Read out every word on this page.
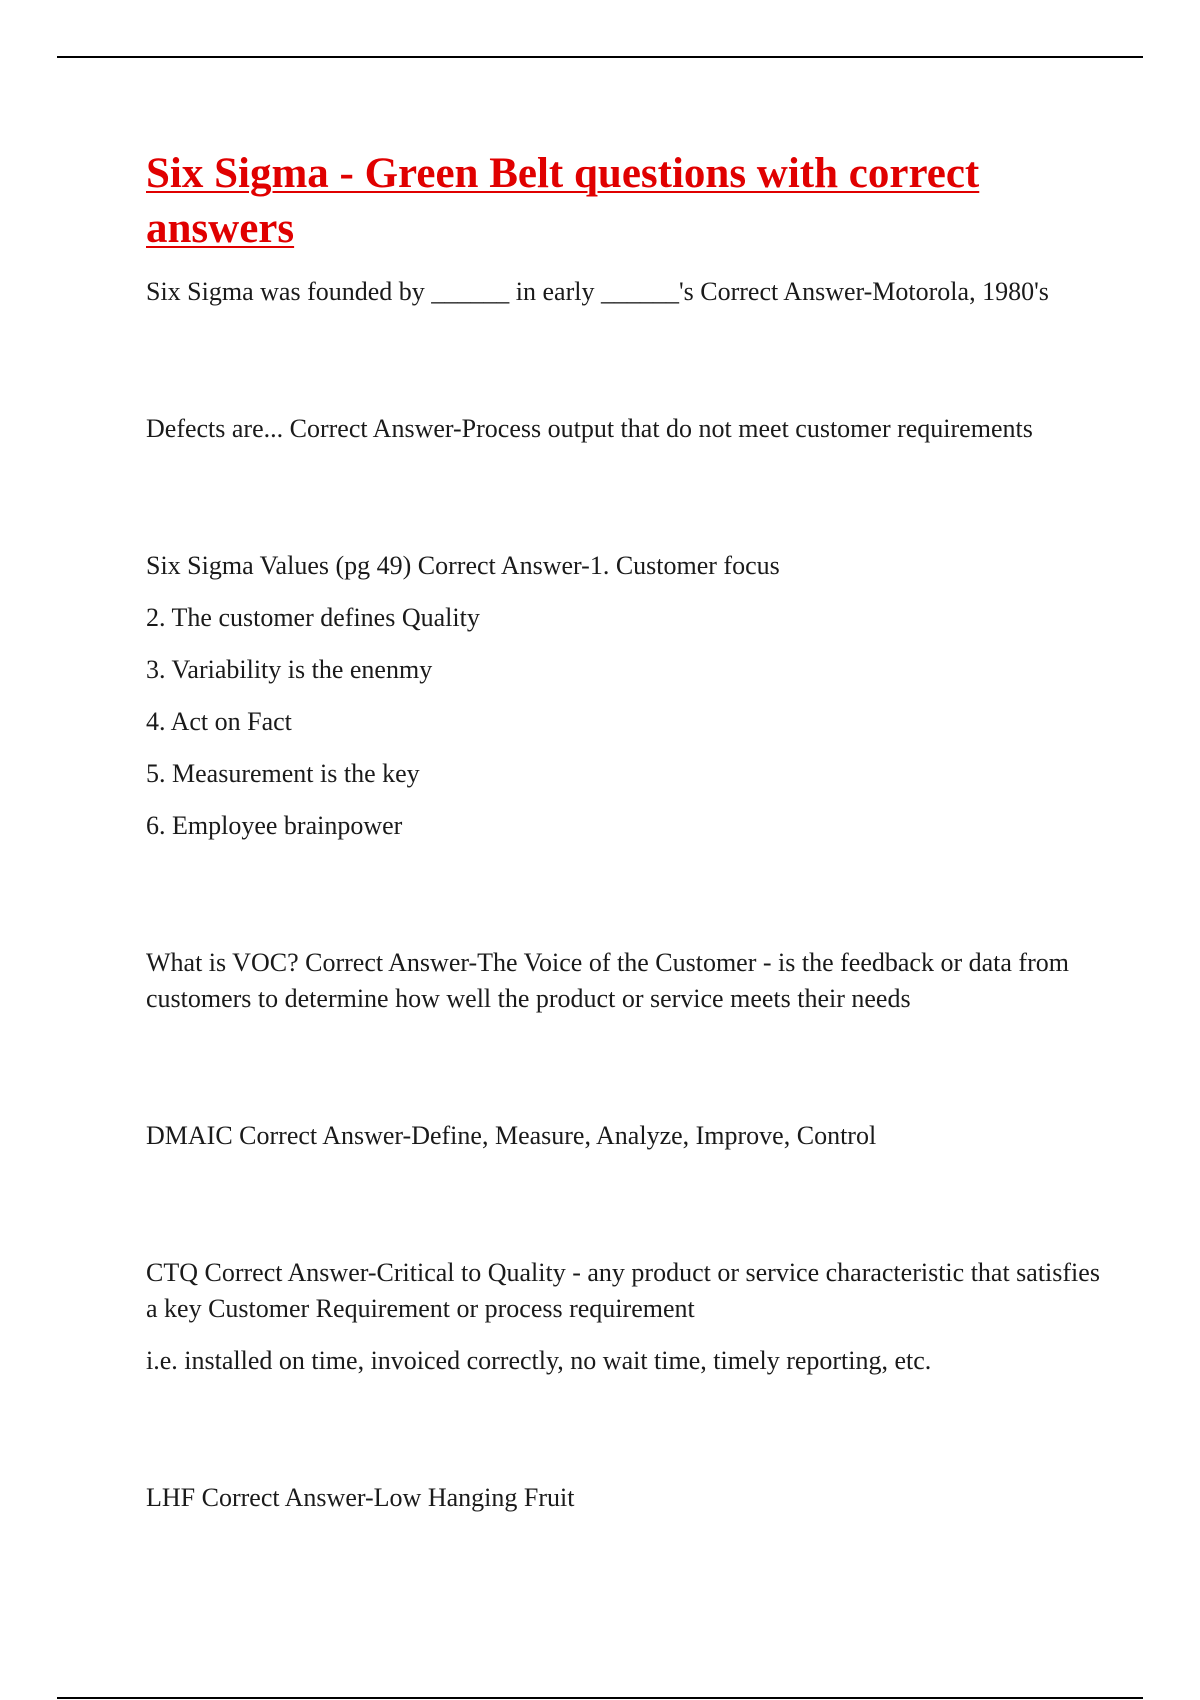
Six Sigma - Green Belt questions with correct answers

Six Sigma was founded by ______ in early ______'s Correct Answer-Motorola, 1980's

Defects are... Correct Answer-Process output that do not meet customer requirements

Six Sigma Values (pg 49) Correct Answer-1. Customer focus

2. The customer defines Quality

3. Variability is the enenmy

4. Act on Fact

5. Measurement is the key

6. Employee brainpower

What is VOC? Correct Answer-The Voice of the Customer - is the feedback or data from customers to determine how well the product or service meets their needs

DMAIC Correct Answer-Define, Measure, Analyze, Improve, Control

CTQ Correct Answer-Critical to Quality - any product or service characteristic that satisfies a key Customer Requirement or process requirement

i.e. installed on time, invoiced correctly, no wait time, timely reporting, etc.

LHF Correct Answer-Low Hanging Fruit
